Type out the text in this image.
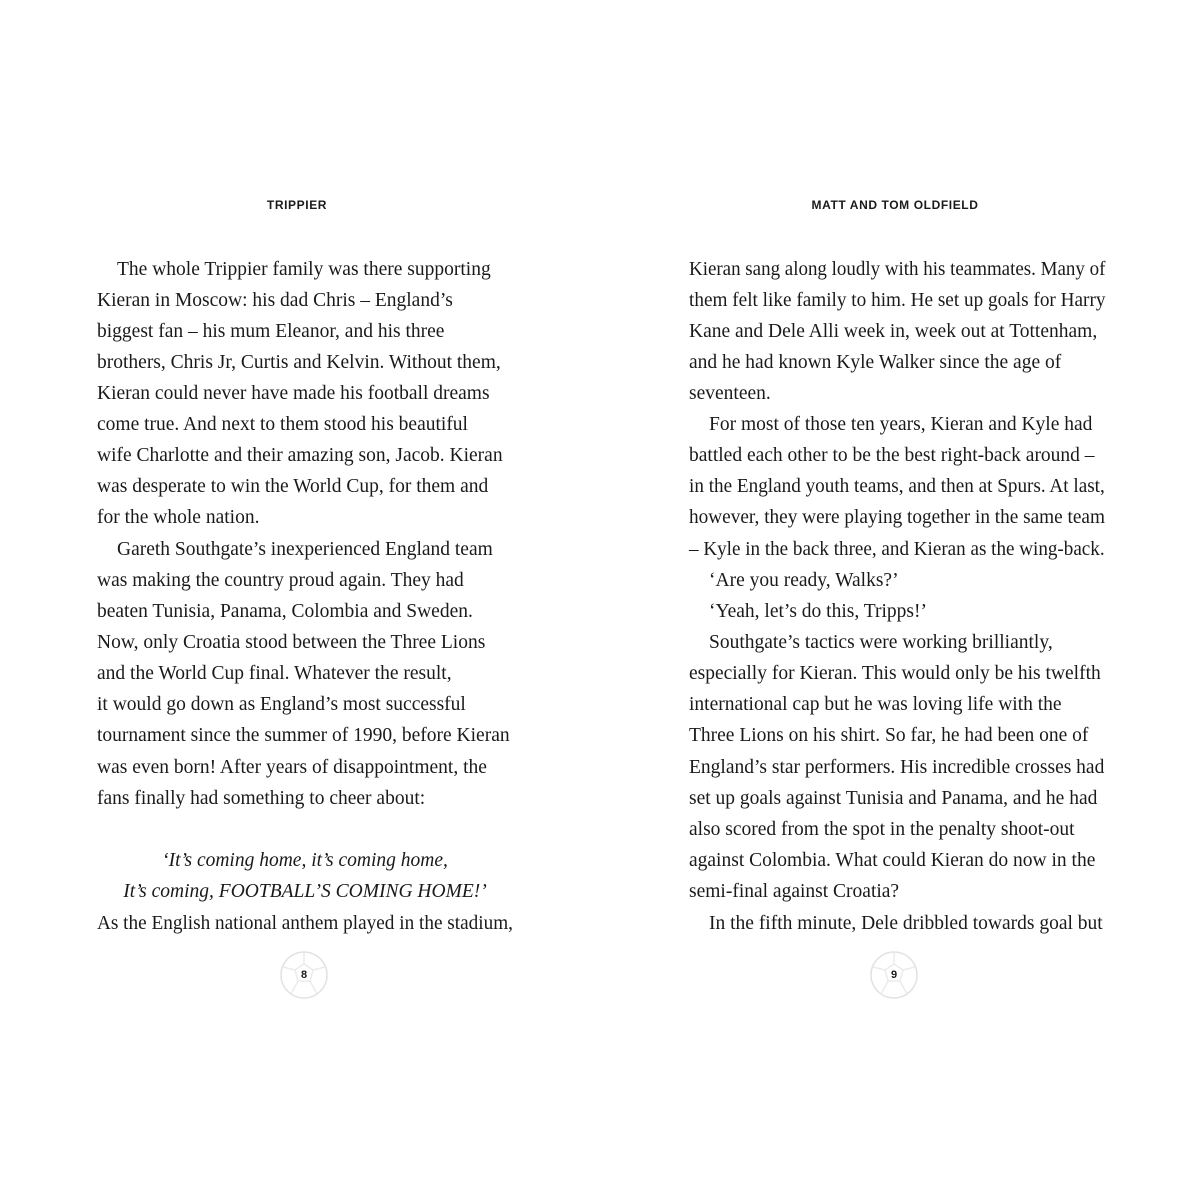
TRIPPIER
The whole Trippier family was there supporting
Kieran in Moscow: his dad Chris – England’s
biggest fan – his mum Eleanor, and his three
brothers, Chris Jr, Curtis and Kelvin. Without them,
Kieran could never have made his football dreams
come true. And next to them stood his beautiful
wife Charlotte and their amazing son, Jacob. Kieran
was desperate to win the World Cup, for them and
for the whole nation.
Gareth Southgate’s inexperienced England team
was making the country proud again. They had
beaten Tunisia, Panama, Colombia and Sweden.
Now, only Croatia stood between the Three Lions
and the World Cup final. Whatever the result,
it would go down as England’s most successful
tournament since the summer of 1990, before Kieran
was even born! After years of disappointment, the
fans finally had something to cheer about:
‘It’s coming home, it’s coming home,
It’s coming, FOOTBALL’S COMING HOME!’
As the English national anthem played in the stadium,
8
MATT AND TOM OLDFIELD
Kieran sang along loudly with his teammates. Many of
them felt like family to him. He set up goals for Harry
Kane and Dele Alli week in, week out at Tottenham,
and he had known Kyle Walker since the age of
seventeen.
For most of those ten years, Kieran and Kyle had
battled each other to be the best right-back around –
in the England youth teams, and then at Spurs. At last,
however, they were playing together in the same team
– Kyle in the back three, and Kieran as the wing-back.
‘Are you ready, Walks?’
‘Yeah, let’s do this, Tripps!’
Southgate’s tactics were working brilliantly,
especially for Kieran. This would only be his twelfth
international cap but he was loving life with the
Three Lions on his shirt. So far, he had been one of
England’s star performers. His incredible crosses had
set up goals against Tunisia and Panama, and he had
also scored from the spot in the penalty shoot-out
against Colombia. What could Kieran do now in the
semi-final against Croatia?
In the fifth minute, Dele dribbled towards goal but
9
